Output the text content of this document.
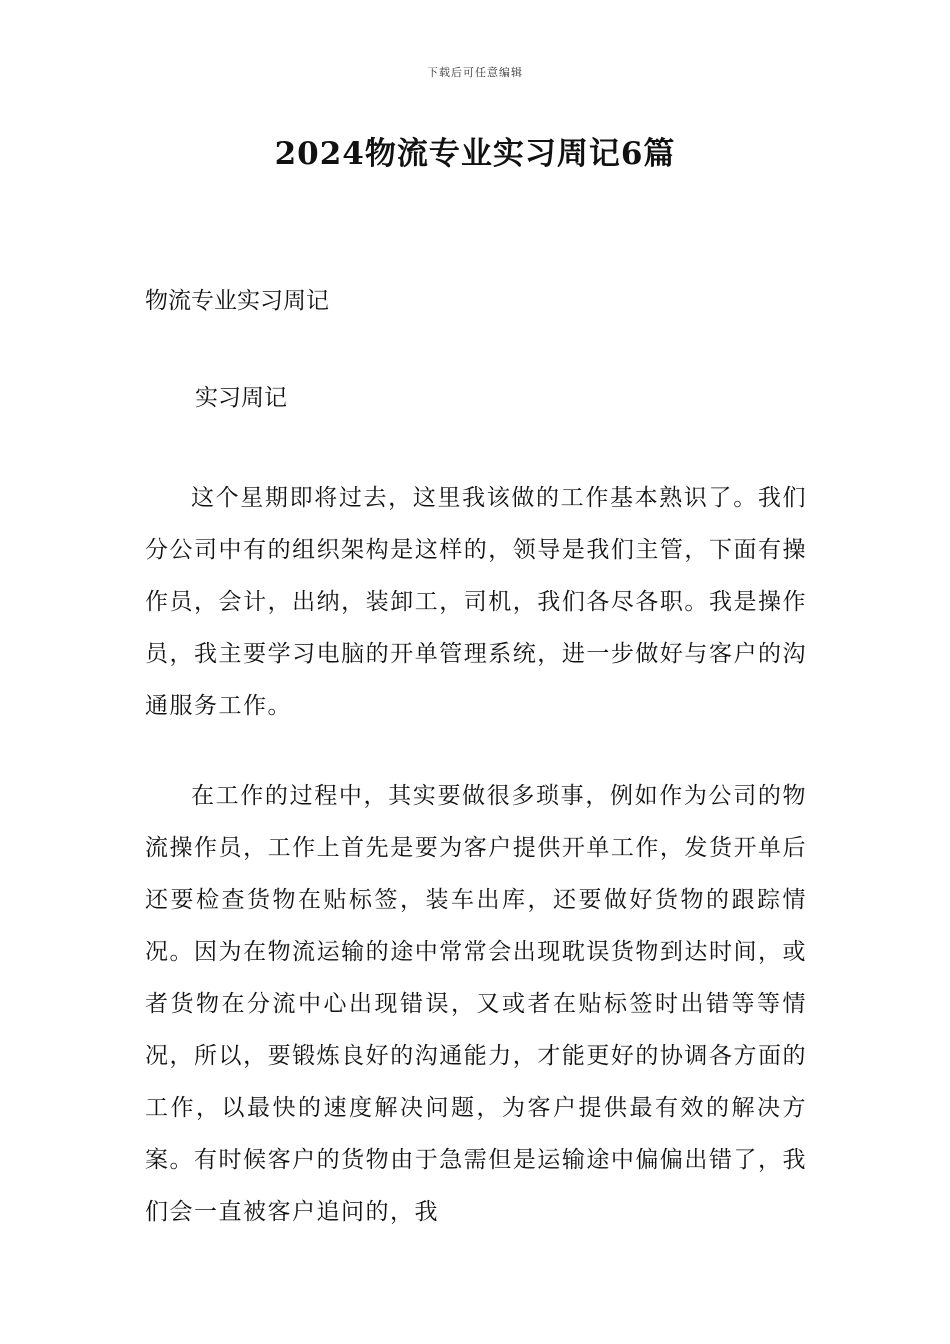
下载后可任意编辑
2024物流专业实习周记6篇
物流专业实习周记

实习周记

这个星期即将过去，这里我该做的工作基本熟识了。我们分公司中有的组织架构是这样的，领导是我们主管，下面有操作员，会计，出纳，装卸工，司机，我们各尽各职。我是操作员，我主要学习电脑的开单管理系统，进一步做好与客户的沟通服务工作。

在工作的过程中，其实要做很多琐事，例如作为公司的物流操作员，工作上首先是要为客户提供开单工作，发货开单后还要检查货物在贴标签，装车出库，还要做好货物的跟踪情况。因为在物流运输的途中常常会出现耽误货物到达时间，或者货物在分流中心出现错误，又或者在贴标签时出错等等情况，所以，要锻炼良好的沟通能力，才能更好的协调各方面的工作，以最快的速度解决问题，为客户提供最有效的解决方案。有时候客户的货物由于急需但是运输途中偏偏出错了，我们会一直被客户追问的，我
